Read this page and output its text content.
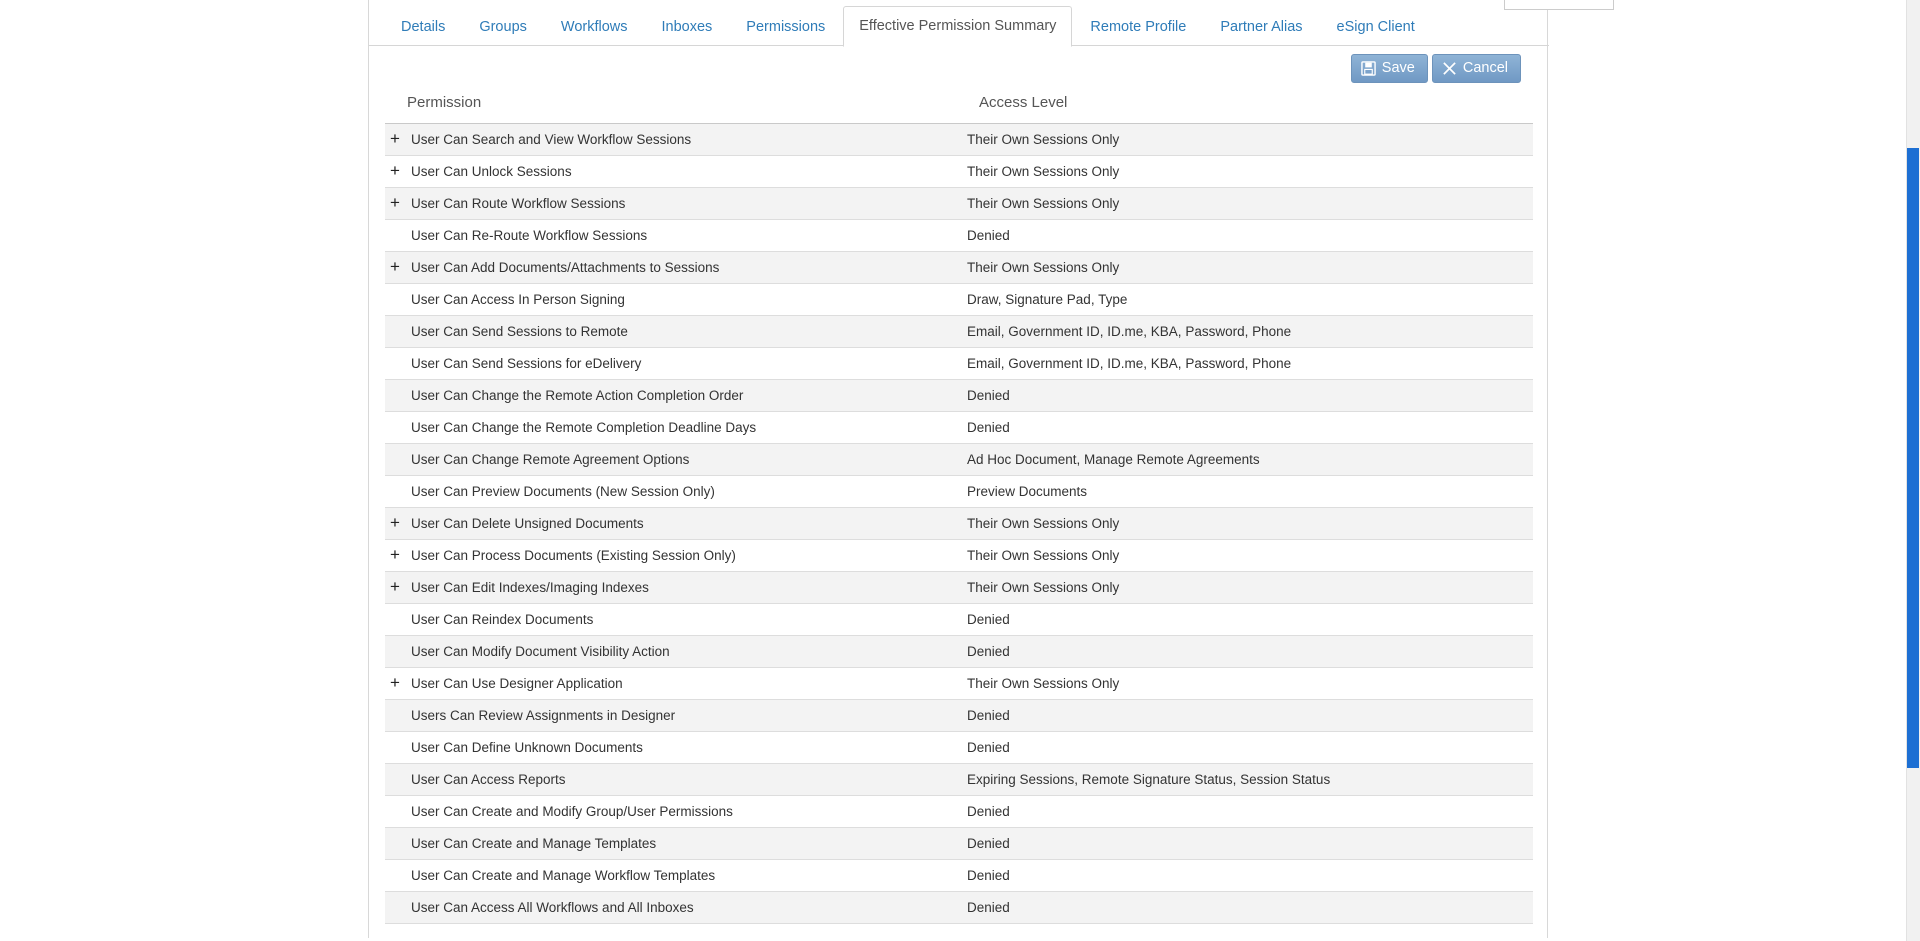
Details	Groups	Workflows	Inboxes	Permissions	Effective Permission Summary	Remote Profile	Partner Alias	eSign Client
Save	Cancel
Permission	Access Level
+ User Can Search and View Workflow Sessions	Their Own Sessions Only
+ User Can Unlock Sessions	Their Own Sessions Only
+ User Can Route Workflow Sessions	Their Own Sessions Only
User Can Re-Route Workflow Sessions	Denied
+ User Can Add Documents/Attachments to Sessions	Their Own Sessions Only
User Can Access In Person Signing	Draw, Signature Pad, Type
User Can Send Sessions to Remote	Email, Government ID, ID.me, KBA, Password, Phone
User Can Send Sessions for eDelivery	Email, Government ID, ID.me, KBA, Password, Phone
User Can Change the Remote Action Completion Order	Denied
User Can Change the Remote Completion Deadline Days	Denied
User Can Change Remote Agreement Options	Ad Hoc Document, Manage Remote Agreements
User Can Preview Documents (New Session Only)	Preview Documents
+ User Can Delete Unsigned Documents	Their Own Sessions Only
+ User Can Process Documents (Existing Session Only)	Their Own Sessions Only
+ User Can Edit Indexes/Imaging Indexes	Their Own Sessions Only
User Can Reindex Documents	Denied
User Can Modify Document Visibility Action	Denied
+ User Can Use Designer Application	Their Own Sessions Only
Users Can Review Assignments in Designer	Denied
User Can Define Unknown Documents	Denied
User Can Access Reports	Expiring Sessions, Remote Signature Status, Session Status
User Can Create and Modify Group/User Permissions	Denied
User Can Create and Manage Templates	Denied
User Can Create and Manage Workflow Templates	Denied
User Can Access All Workflows and All Inboxes	Denied
